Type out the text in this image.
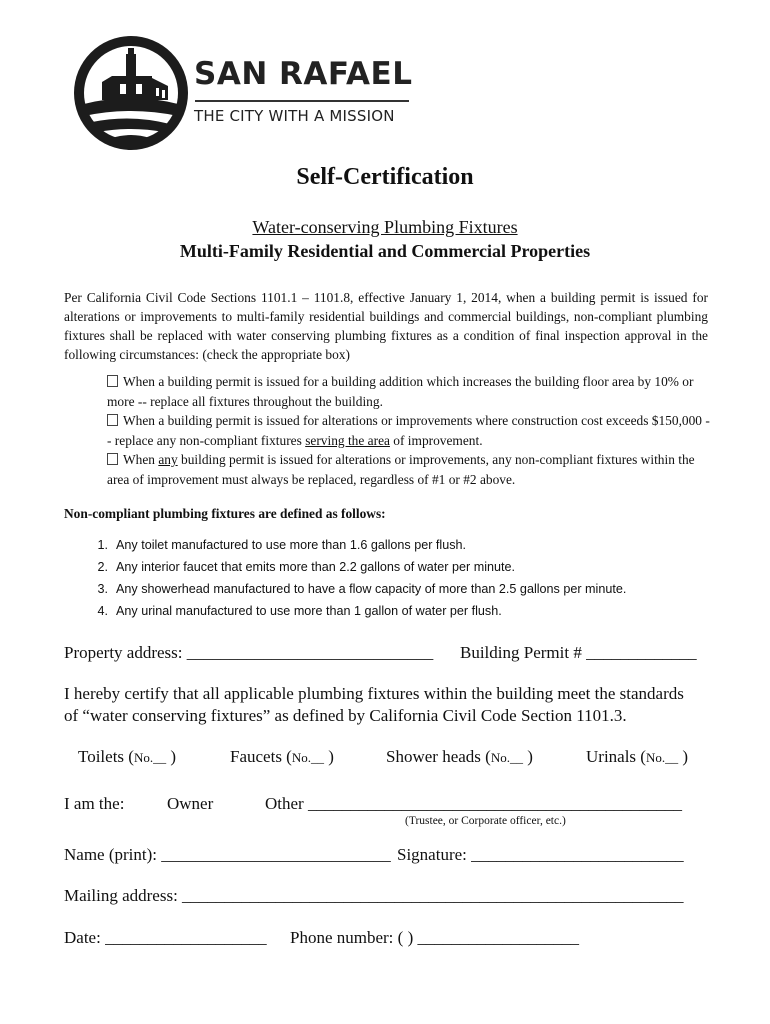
SAN RAFAEL
THE CITY WITH A MISSION
Self-Certification
Water-conserving Plumbing Fixtures
Multi-Family Residential and Commercial Properties
Per California Civil Code Sections 1101.1 – 1101.8, effective January 1, 2014, when a building permit is issued for alterations or improvements to multi-family residential buildings and commercial buildings, non-compliant plumbing fixtures shall be replaced with water conserving plumbing fixtures as a condition of final inspection approval in the following circumstances: (check the appropriate box)

When a building permit is issued for a building addition which increases the building floor area by 10% or more -- replace all fixtures throughout the building.

When a building permit is issued for alterations or improvements where construction cost exceeds $150,000 -- replace any non-compliant fixtures serving the area of improvement.

When any building permit is issued for alterations or improvements, any non-compliant fixtures within the area of improvement must always be replaced, regardless of #1 or #2 above.

Non-compliant plumbing fixtures are defined as follows:
1. Any toilet manufactured to use more than 1.6 gallons per flush.
2. Any interior faucet that emits more than 2.2 gallons of water per minute.
3. Any showerhead manufactured to have a flow capacity of more than 2.5 gallons per minute.
4. Any urinal manufactured to use more than 1 gallon of water per flush.
Property address: _____________________________ Building Permit # _____________
I hereby certify that all applicable plumbing fixtures within the building meet the standards
of “water conserving fixtures” as defined by California Civil Code Section 1101.3.
Toilets (No.__ )	Faucets (No.__ )	Shower heads (No.__ )	Urinals (No.__ )
I am the:	Owner	Other ____________________________________________
(Trustee, or Corporate officer, etc.)
Name (print): ___________________________ Signature: _________________________
Mailing address: ___________________________________________________________
Date: ___________________ Phone number: ( ) ___________________
